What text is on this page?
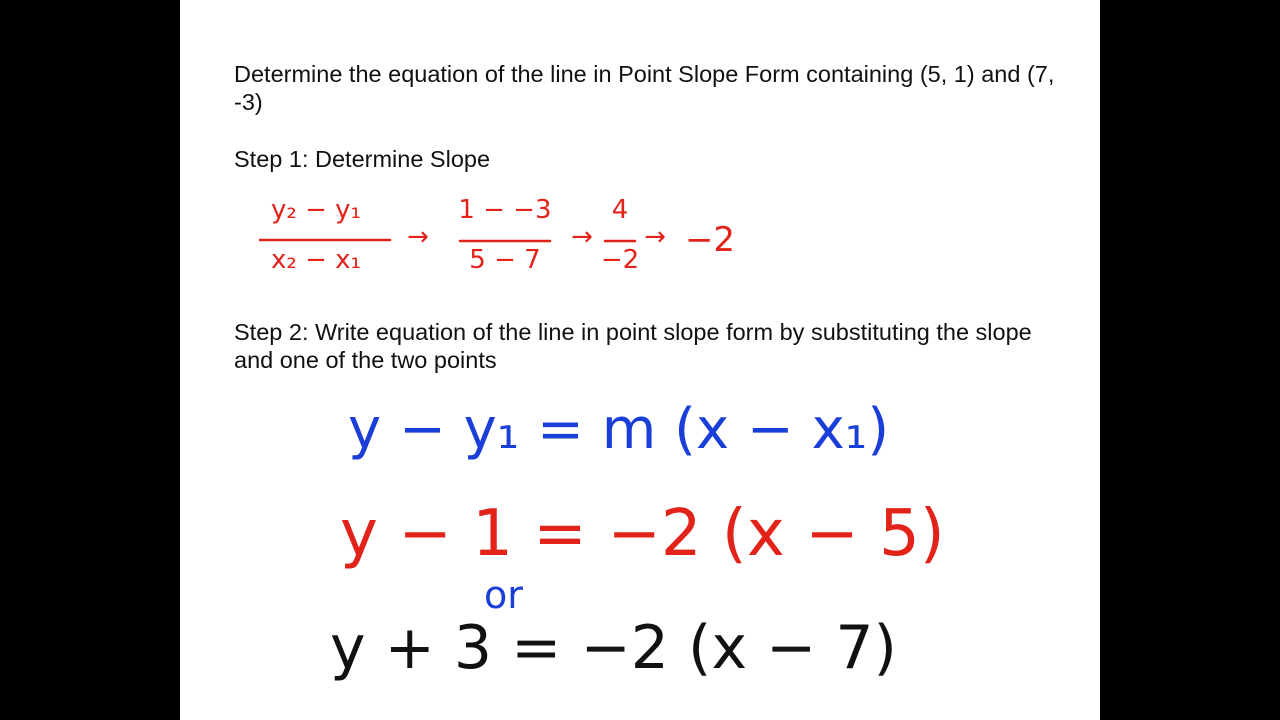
Determine the equation of the line in Point Slope Form containing (5, 1) and (7, -3)
Step 1: Determine Slope
y₂ − y₁
x₂ − x₁
→
1 − −3
5 − 7
→
4
−2
→ −2
Step 2: Write equation of the line in point slope form by substituting the slope and one of the two points
y − y₁ = m (x − x₁)
y − 1 = −2 (x − 5)
or
y + 3 = −2 (x − 7)
